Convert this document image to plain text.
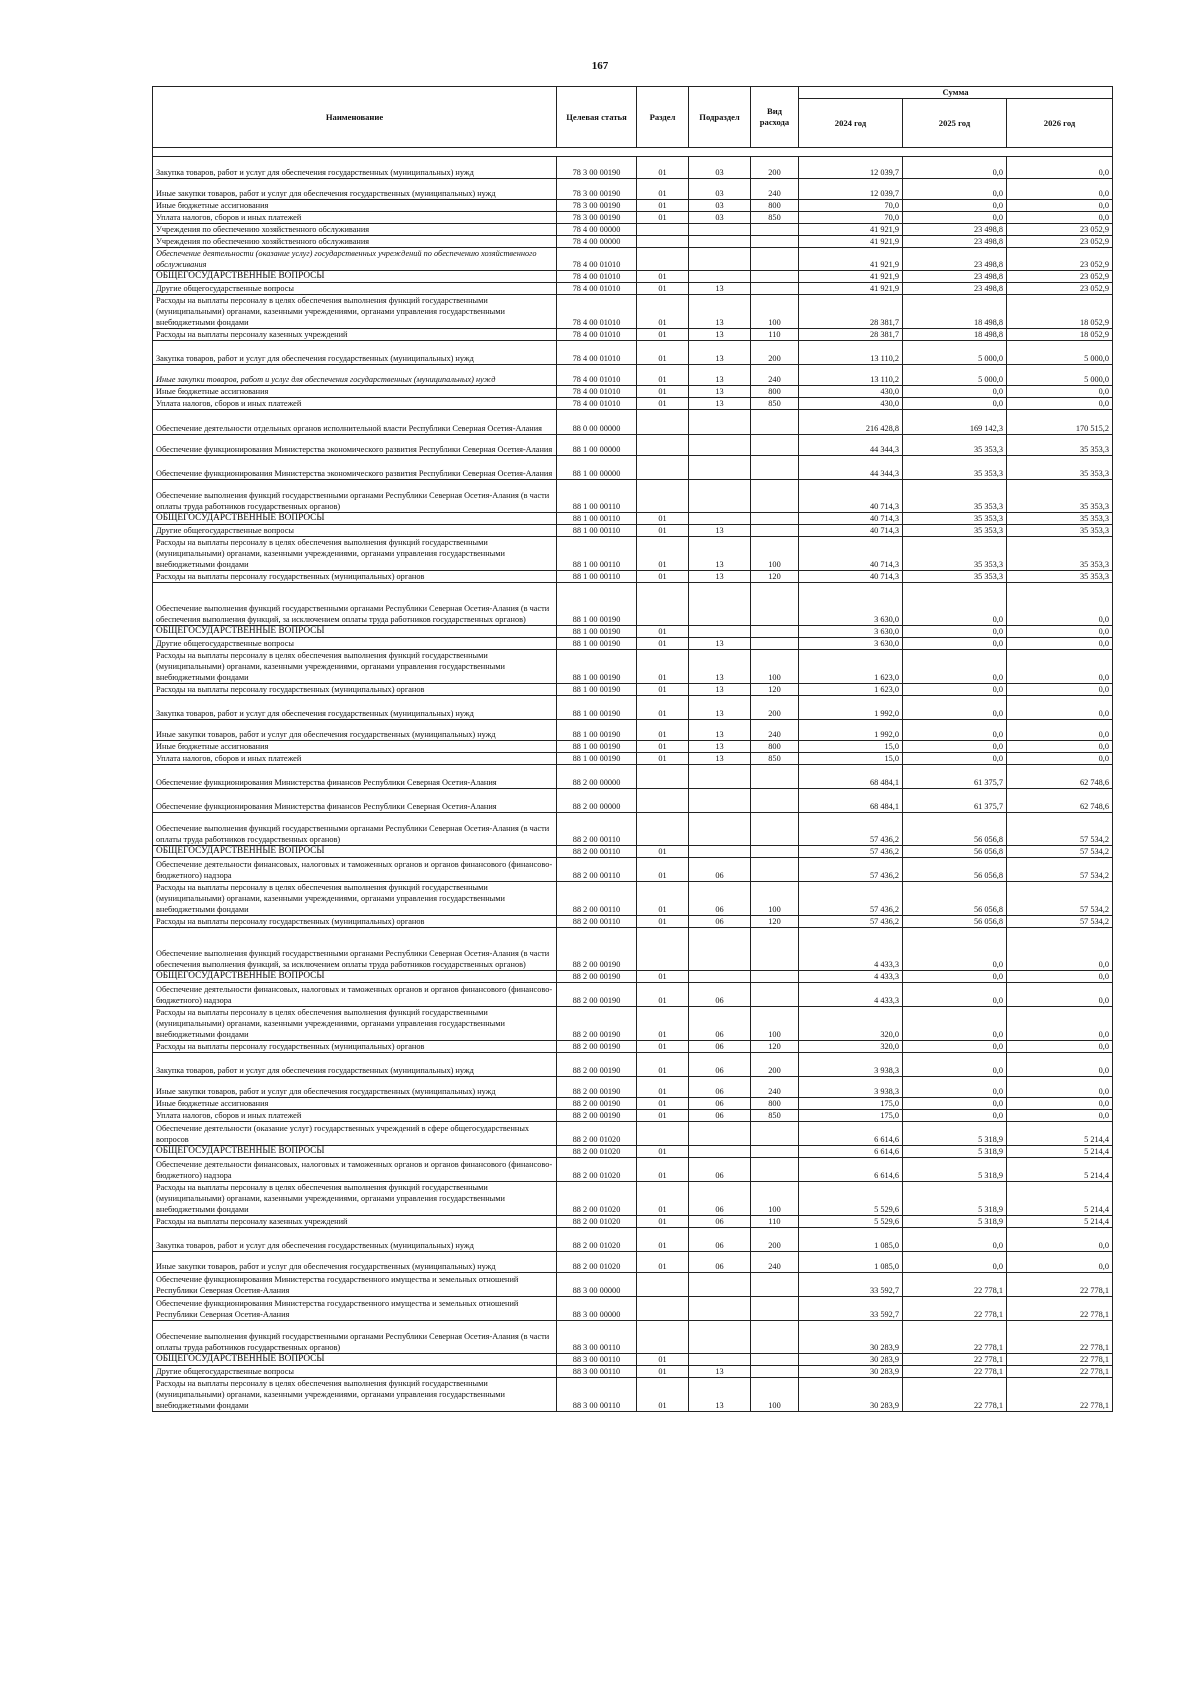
167
Наименование	Целевая статья	Раздел	Подраздел	Вид расхода	Сумма		
					2024 год	2025 год	2026 год

Закупка товаров, работ и услуг для обеспечения государственных (муниципальных) нужд	78 3 00 00190	01	03	200	12 039,7	0,0	0,0
Иные закупки товаров, работ и услуг для обеспечения государственных (муниципальных) нужд	78 3 00 00190	01	03	240	12 039,7	0,0	0,0
Иные бюджетные ассигнования	78 3 00 00190	01	03	800	70,0	0,0	0,0
Уплата налогов, сборов и иных платежей	78 3 00 00190	01	03	850	70,0	0,0	0,0
Учреждения по обеспечению хозяйственного обслуживания	78 4 00 00000				41 921,9	23 498,8	23 052,9
Учреждения по обеспечению хозяйственного обслуживания	78 4 00 00000				41 921,9	23 498,8	23 052,9
Обеспечение деятельности (оказание услуг) государственных учреждений по обеспечению хозяйственного обслуживания	78 4 00 01010				41 921,9	23 498,8	23 052,9
ОБЩЕГОСУДАРСТВЕННЫЕ ВОПРОСЫ	78 4 00 01010	01			41 921,9	23 498,8	23 052,9
Другие общегосударственные вопросы	78 4 00 01010	01	13		41 921,9	23 498,8	23 052,9
Расходы на выплаты персоналу в целях обеспечения выполнения функций государственными (муниципальными) органами, казенными учреждениями, органами управления государственными внебюджетными фондами	78 4 00 01010	01	13	100	28 381,7	18 498,8	18 052,9
Расходы на выплаты персоналу казенных учреждений	78 4 00 01010	01	13	110	28 381,7	18 498,8	18 052,9
Закупка товаров, работ и услуг для обеспечения государственных (муниципальных) нужд	78 4 00 01010	01	13	200	13 110,2	5 000,0	5 000,0
Иные закупки товаров, работ и услуг для обеспечения государственных (муниципальных) нужд	78 4 00 01010	01	13	240	13 110,2	5 000,0	5 000,0
Иные бюджетные ассигнования	78 4 00 01010	01	13	800	430,0	0,0	0,0
Уплата налогов, сборов и иных платежей	78 4 00 01010	01	13	850	430,0	0,0	0,0
Обеспечение деятельности отдельных органов исполнительной власти Республики Северная Осетия-Алания	88 0 00 00000				216 428,8	169 142,3	170 515,2
Обеспечение функционирования Министерства экономического развития Республики Северная Осетия-Алания	88 1 00 00000				44 344,3	35 353,3	35 353,3
Обеспечение функционирования Министерства экономического развития Республики Северная Осетия-Алания	88 1 00 00000				44 344,3	35 353,3	35 353,3
Обеспечение выполнения функций государственными органами Республики Северная Осетия-Алания (в части оплаты труда работников государственных органов)	88 1 00 00110				40 714,3	35 353,3	35 353,3
ОБЩЕГОСУДАРСТВЕННЫЕ ВОПРОСЫ	88 1 00 00110	01			40 714,3	35 353,3	35 353,3
Другие общегосударственные вопросы	88 1 00 00110	01	13		40 714,3	35 353,3	35 353,3
Расходы на выплаты персоналу в целях обеспечения выполнения функций государственными (муниципальными) органами, казенными учреждениями, органами управления государственными внебюджетными фондами	88 1 00 00110	01	13	100	40 714,3	35 353,3	35 353,3
Расходы на выплаты персоналу государственных (муниципальных) органов	88 1 00 00110	01	13	120	40 714,3	35 353,3	35 353,3
Обеспечение выполнения функций государственными органами Республики Северная Осетия-Алания (в части обеспечения выполнения функций, за исключением оплаты труда работников государственных органов)	88 1 00 00190				3 630,0	0,0	0,0
ОБЩЕГОСУДАРСТВЕННЫЕ ВОПРОСЫ	88 1 00 00190	01			3 630,0	0,0	0,0
Другие общегосударственные вопросы	88 1 00 00190	01	13		3 630,0	0,0	0,0
Расходы на выплаты персоналу в целях обеспечения выполнения функций государственными (муниципальными) органами, казенными учреждениями, органами управления государственными внебюджетными фондами	88 1 00 00190	01	13	100	1 623,0	0,0	0,0
Расходы на выплаты персоналу государственных (муниципальных) органов	88 1 00 00190	01	13	120	1 623,0	0,0	0,0
Закупка товаров, работ и услуг для обеспечения государственных (муниципальных) нужд	88 1 00 00190	01	13	200	1 992,0	0,0	0,0
Иные закупки товаров, работ и услуг для обеспечения государственных (муниципальных) нужд	88 1 00 00190	01	13	240	1 992,0	0,0	0,0
Иные бюджетные ассигнования	88 1 00 00190	01	13	800	15,0	0,0	0,0
Уплата налогов, сборов и иных платежей	88 1 00 00190	01	13	850	15,0	0,0	0,0
Обеспечение функционирования Министерства финансов Республики Северная Осетия-Алания	88 2 00 00000				68 484,1	61 375,7	62 748,6
Обеспечение функционирования Министерства финансов Республики Северная Осетия-Алания	88 2 00 00000				68 484,1	61 375,7	62 748,6
Обеспечение выполнения функций государственными органами Республики Северная Осетия-Алания (в части оплаты труда работников государственных органов)	88 2 00 00110				57 436,2	56 056,8	57 534,2
ОБЩЕГОСУДАРСТВЕННЫЕ ВОПРОСЫ	88 2 00 00110	01			57 436,2	56 056,8	57 534,2
Обеспечение деятельности финансовых, налоговых и таможенных органов и органов финансового (финансово-бюджетного) надзора	88 2 00 00110	01	06		57 436,2	56 056,8	57 534,2
Расходы на выплаты персоналу в целях обеспечения выполнения функций государственными (муниципальными) органами, казенными учреждениями, органами управления государственными внебюджетными фондами	88 2 00 00110	01	06	100	57 436,2	56 056,8	57 534,2
Расходы на выплаты персоналу государственных (муниципальных) органов	88 2 00 00110	01	06	120	57 436,2	56 056,8	57 534,2
Обеспечение выполнения функций государственными органами Республики Северная Осетия-Алания (в части обеспечения выполнения функций, за исключением оплаты труда работников государственных органов)	88 2 00 00190				4 433,3	0,0	0,0
ОБЩЕГОСУДАРСТВЕННЫЕ ВОПРОСЫ	88 2 00 00190	01			4 433,3	0,0	0,0
Обеспечение деятельности финансовых, налоговых и таможенных органов и органов финансового (финансово-бюджетного) надзора	88 2 00 00190	01	06		4 433,3	0,0	0,0
Расходы на выплаты персоналу в целях обеспечения выполнения функций государственными (муниципальными) органами, казенными учреждениями, органами управления государственными внебюджетными фондами	88 2 00 00190	01	06	100	320,0	0,0	0,0
Расходы на выплаты персоналу государственных (муниципальных) органов	88 2 00 00190	01	06	120	320,0	0,0	0,0
Закупка товаров, работ и услуг для обеспечения государственных (муниципальных) нужд	88 2 00 00190	01	06	200	3 938,3	0,0	0,0
Иные закупки товаров, работ и услуг для обеспечения государственных (муниципальных) нужд	88 2 00 00190	01	06	240	3 938,3	0,0	0,0
Иные бюджетные ассигнования	88 2 00 00190	01	06	800	175,0	0,0	0,0
Уплата налогов, сборов и иных платежей	88 2 00 00190	01	06	850	175,0	0,0	0,0
Обеспечение деятельности (оказание услуг) государственных учреждений в сфере общегосударственных вопросов	88 2 00 01020				6 614,6	5 318,9	5 214,4
ОБЩЕГОСУДАРСТВЕННЫЕ ВОПРОСЫ	88 2 00 01020	01			6 614,6	5 318,9	5 214,4
Обеспечение деятельности финансовых, налоговых и таможенных органов и органов финансового (финансово-бюджетного) надзора	88 2 00 01020	01	06		6 614,6	5 318,9	5 214,4
Расходы на выплаты персоналу в целях обеспечения выполнения функций государственными (муниципальными) органами, казенными учреждениями, органами управления государственными внебюджетными фондами	88 2 00 01020	01	06	100	5 529,6	5 318,9	5 214,4
Расходы на выплаты персоналу казенных учреждений	88 2 00 01020	01	06	110	5 529,6	5 318,9	5 214,4
Закупка товаров, работ и услуг для обеспечения государственных (муниципальных) нужд	88 2 00 01020	01	06	200	1 085,0	0,0	0,0
Иные закупки товаров, работ и услуг для обеспечения государственных (муниципальных) нужд	88 2 00 01020	01	06	240	1 085,0	0,0	0,0
Обеспечение функционирования Министерства государственного имущества и земельных отношений Республики Северная Осетия-Алания	88 3 00 00000				33 592,7	22 778,1	22 778,1
Обеспечение функционирования Министерства государственного имущества и земельных отношений Республики Северная Осетия-Алания	88 3 00 00000				33 592,7	22 778,1	22 778,1
Обеспечение выполнения функций государственными органами Республики Северная Осетия-Алания (в части оплаты труда работников государственных органов)	88 3 00 00110				30 283,9	22 778,1	22 778,1
ОБЩЕГОСУДАРСТВЕННЫЕ ВОПРОСЫ	88 3 00 00110	01			30 283,9	22 778,1	22 778,1
Другие общегосударственные вопросы	88 3 00 00110	01	13		30 283,9	22 778,1	22 778,1
Расходы на выплаты персоналу в целях обеспечения выполнения функций государственными (муниципальными) органами, казенными учреждениями, органами управления государственными внебюджетными фондами	88 3 00 00110	01	13	100	30 283,9	22 778,1	22 778,1
